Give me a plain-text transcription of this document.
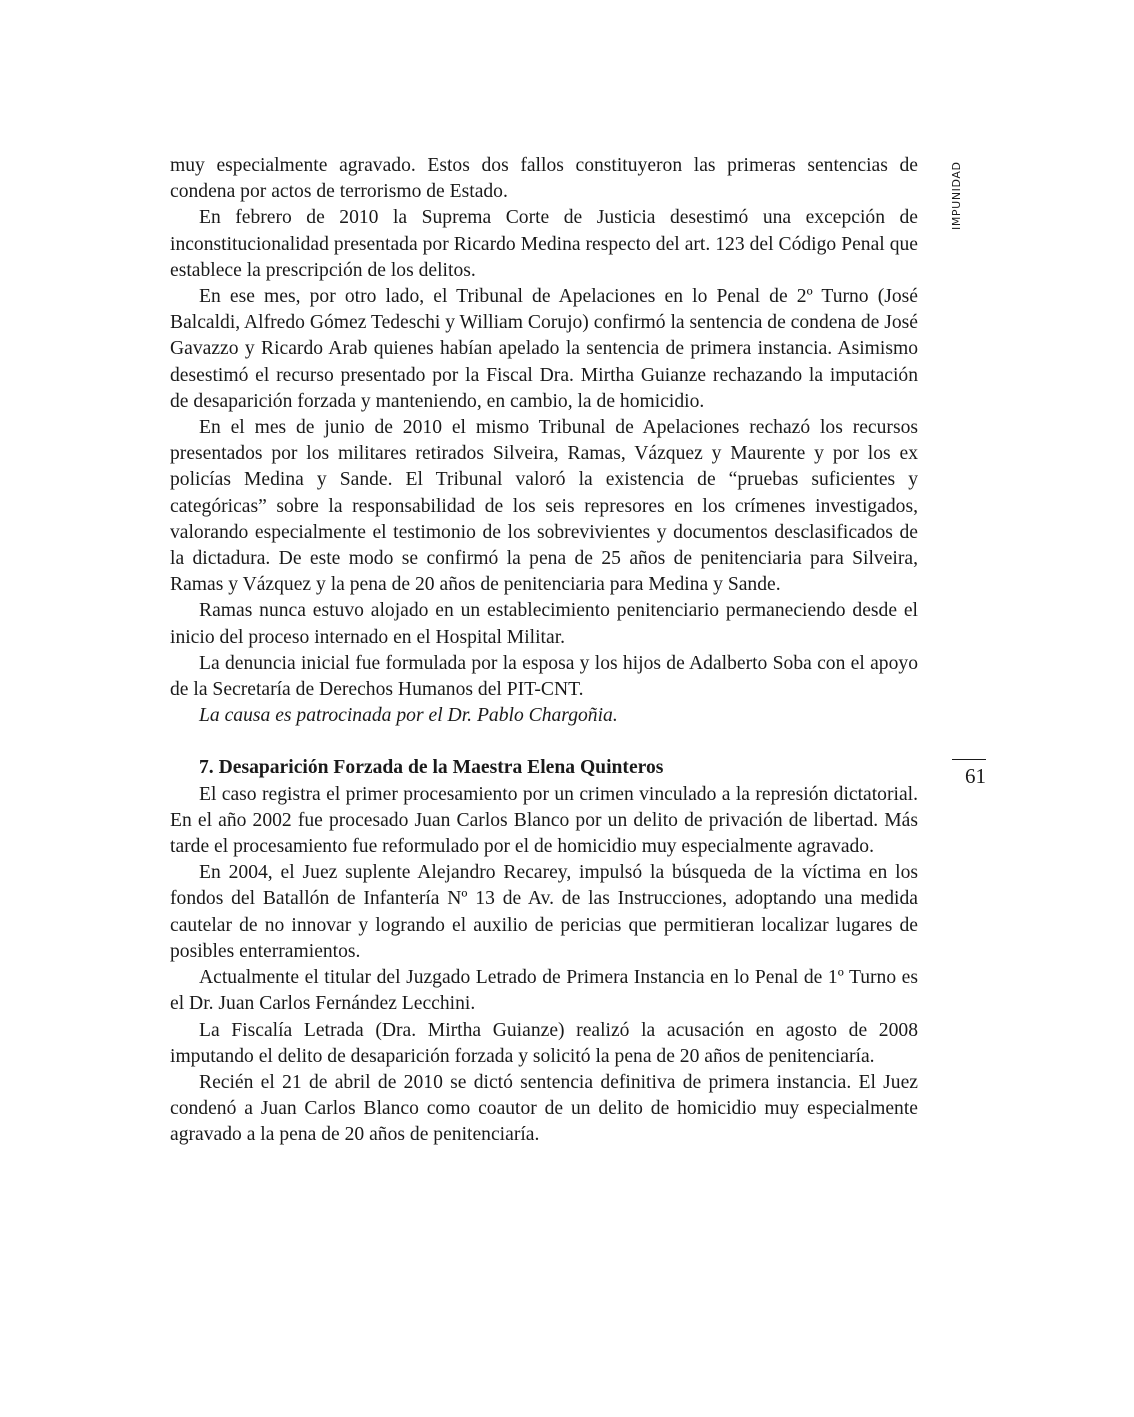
IMPUNIDAD
61

muy especialmente agravado. Estos dos fallos constituyeron las primeras sentencias de condena por actos de terrorismo de Estado.

En febrero de 2010 la Suprema Corte de Justicia desestimó una excepción de inconstitucionalidad presentada por Ricardo Medina respecto del art. 123 del Código Penal que establece la prescripción de los delitos.

En ese mes, por otro lado, el Tribunal de Apelaciones en lo Penal de 2º Turno (José Balcaldi, Alfredo Gómez Tedeschi y William Corujo) confirmó la sentencia de condena de José Gavazzo y Ricardo Arab quienes habían apelado la sentencia de primera instancia. Asimismo desestimó el recurso presentado por la Fiscal Dra. Mirtha Guianze rechazando la imputación de desaparición forzada y manteniendo, en cambio, la de homicidio.

En el mes de junio de 2010 el mismo Tribunal de Apelaciones rechazó los recursos presentados por los militares retirados Silveira, Ramas, Vázquez y Maurente y por los ex policías Medina y Sande. El Tribunal valoró la existencia de “pruebas suficientes y categóricas” sobre la responsabilidad de los seis represores en los crímenes investigados, valorando especialmente el testimonio de los sobrevivientes y documentos desclasificados de la dictadura. De este modo se confirmó la pena de 25 años de penitenciaria para Silveira, Ramas y Vázquez y la pena de 20 años de penitenciaria para Medina y Sande.

Ramas nunca estuvo alojado en un establecimiento penitenciario permaneciendo desde el inicio del proceso internado en el Hospital Militar.

La denuncia inicial fue formulada por la esposa y los hijos de Adalberto Soba con el apoyo de la Secretaría de Derechos Humanos del PIT-CNT.

La causa es patrocinada por el Dr. Pablo Chargoñia.

7. Desaparición Forzada de la Maestra Elena Quinteros

El caso registra el primer procesamiento por un crimen vinculado a la represión dictatorial. En el año 2002 fue procesado Juan Carlos Blanco por un delito de privación de libertad. Más tarde el procesamiento fue reformulado por el de homicidio muy especialmente agravado.

En 2004, el Juez suplente Alejandro Recarey, impulsó la búsqueda de la víctima en los fondos del Batallón de Infantería Nº 13 de Av. de las Instrucciones, adoptando una medida cautelar de no innovar y logrando el auxilio de pericias que permitieran localizar lugares de posibles enterramientos.

Actualmente el titular del Juzgado Letrado de Primera Instancia en lo Penal de 1º Turno es el Dr. Juan Carlos Fernández Lecchini.

La Fiscalía Letrada (Dra. Mirtha Guianze) realizó la acusación en agosto de 2008 imputando el delito de desaparición forzada y solicitó la pena de 20 años de penitenciaría.

Recién el 21 de abril de 2010 se dictó sentencia definitiva de primera instancia. El Juez condenó a Juan Carlos Blanco como coautor de un delito de homicidio muy especialmente agravado a la pena de 20 años de penitenciaría.
